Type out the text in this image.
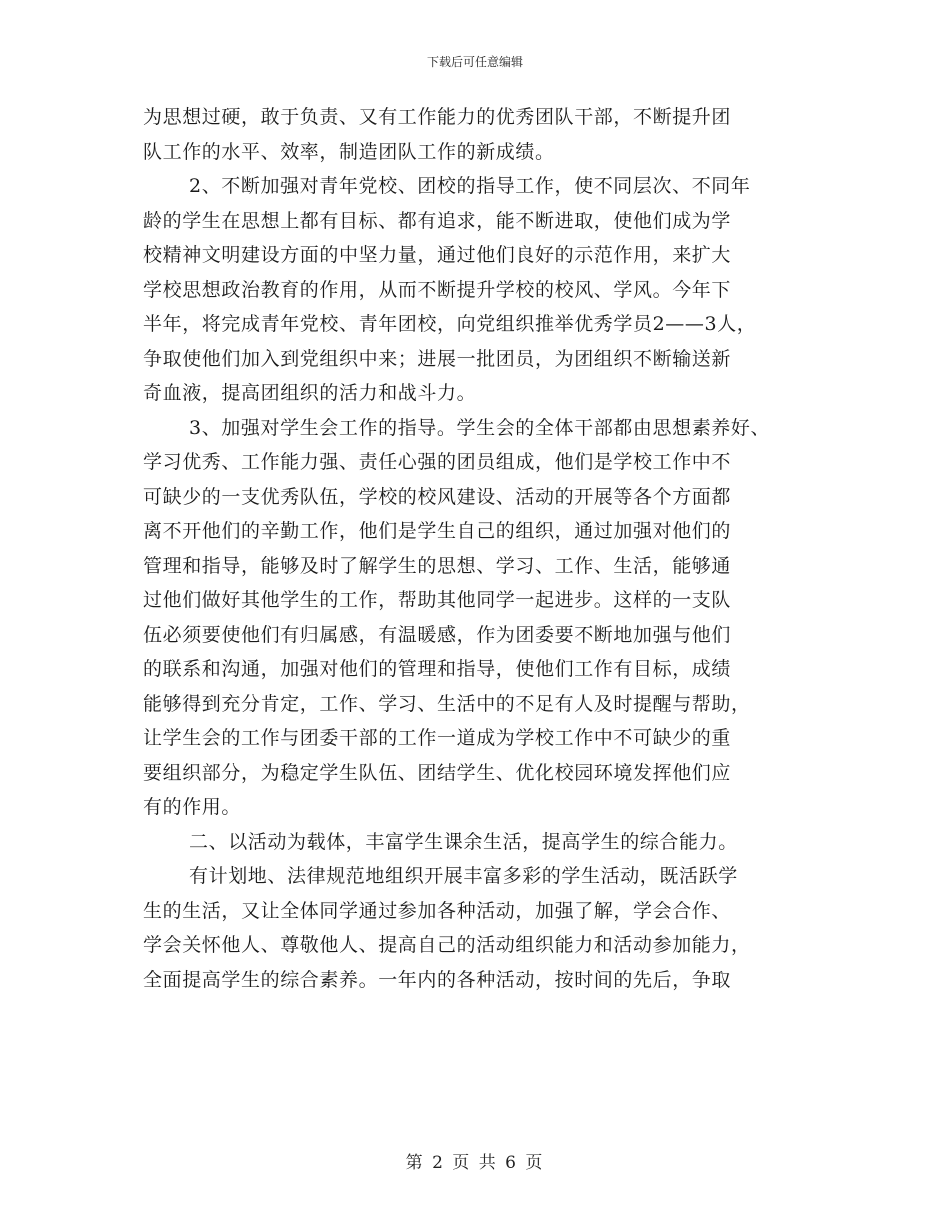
下载后可任意编辑
为思想过硬，敢于负责、又有工作能力的优秀团队干部，不断提升团
队工作的水平、效率，制造团队工作的新成绩。
2、不断加强对青年党校、团校的指导工作，使不同层次、不同年
龄的学生在思想上都有目标、都有追求，能不断进取，使他们成为学
校精神文明建设方面的中坚力量，通过他们良好的示范作用，来扩大
学校思想政治教育的作用，从而不断提升学校的校风、学风。今年下
半年，将完成青年党校、青年团校，向党组织推举优秀学员2——3人，
争取使他们加入到党组织中来；进展一批团员，为团组织不断输送新
奇血液，提高团组织的活力和战斗力。
3、加强对学生会工作的指导。学生会的全体干部都由思想素养好、
学习优秀、工作能力强、责任心强的团员组成，他们是学校工作中不
可缺少的一支优秀队伍，学校的校风建设、活动的开展等各个方面都
离不开他们的辛勤工作，他们是学生自己的组织，通过加强对他们的
管理和指导，能够及时了解学生的思想、学习、工作、生活，能够通
过他们做好其他学生的工作，帮助其他同学一起进步。这样的一支队
伍必须要使他们有归属感，有温暖感，作为团委要不断地加强与他们
的联系和沟通，加强对他们的管理和指导，使他们工作有目标，成绩
能够得到充分肯定，工作、学习、生活中的不足有人及时提醒与帮助，
让学生会的工作与团委干部的工作一道成为学校工作中不可缺少的重
要组织部分，为稳定学生队伍、团结学生、优化校园环境发挥他们应
有的作用。
二、以活动为载体，丰富学生课余生活，提高学生的综合能力。
有计划地、法律规范地组织开展丰富多彩的学生活动，既活跃学
生的生活，又让全体同学通过参加各种活动，加强了解，学会合作、
学会关怀他人、尊敬他人、提高自己的活动组织能力和活动参加能力，
全面提高学生的综合素养。一年内的各种活动，按时间的先后，争取
第 2 页 共 6 页
